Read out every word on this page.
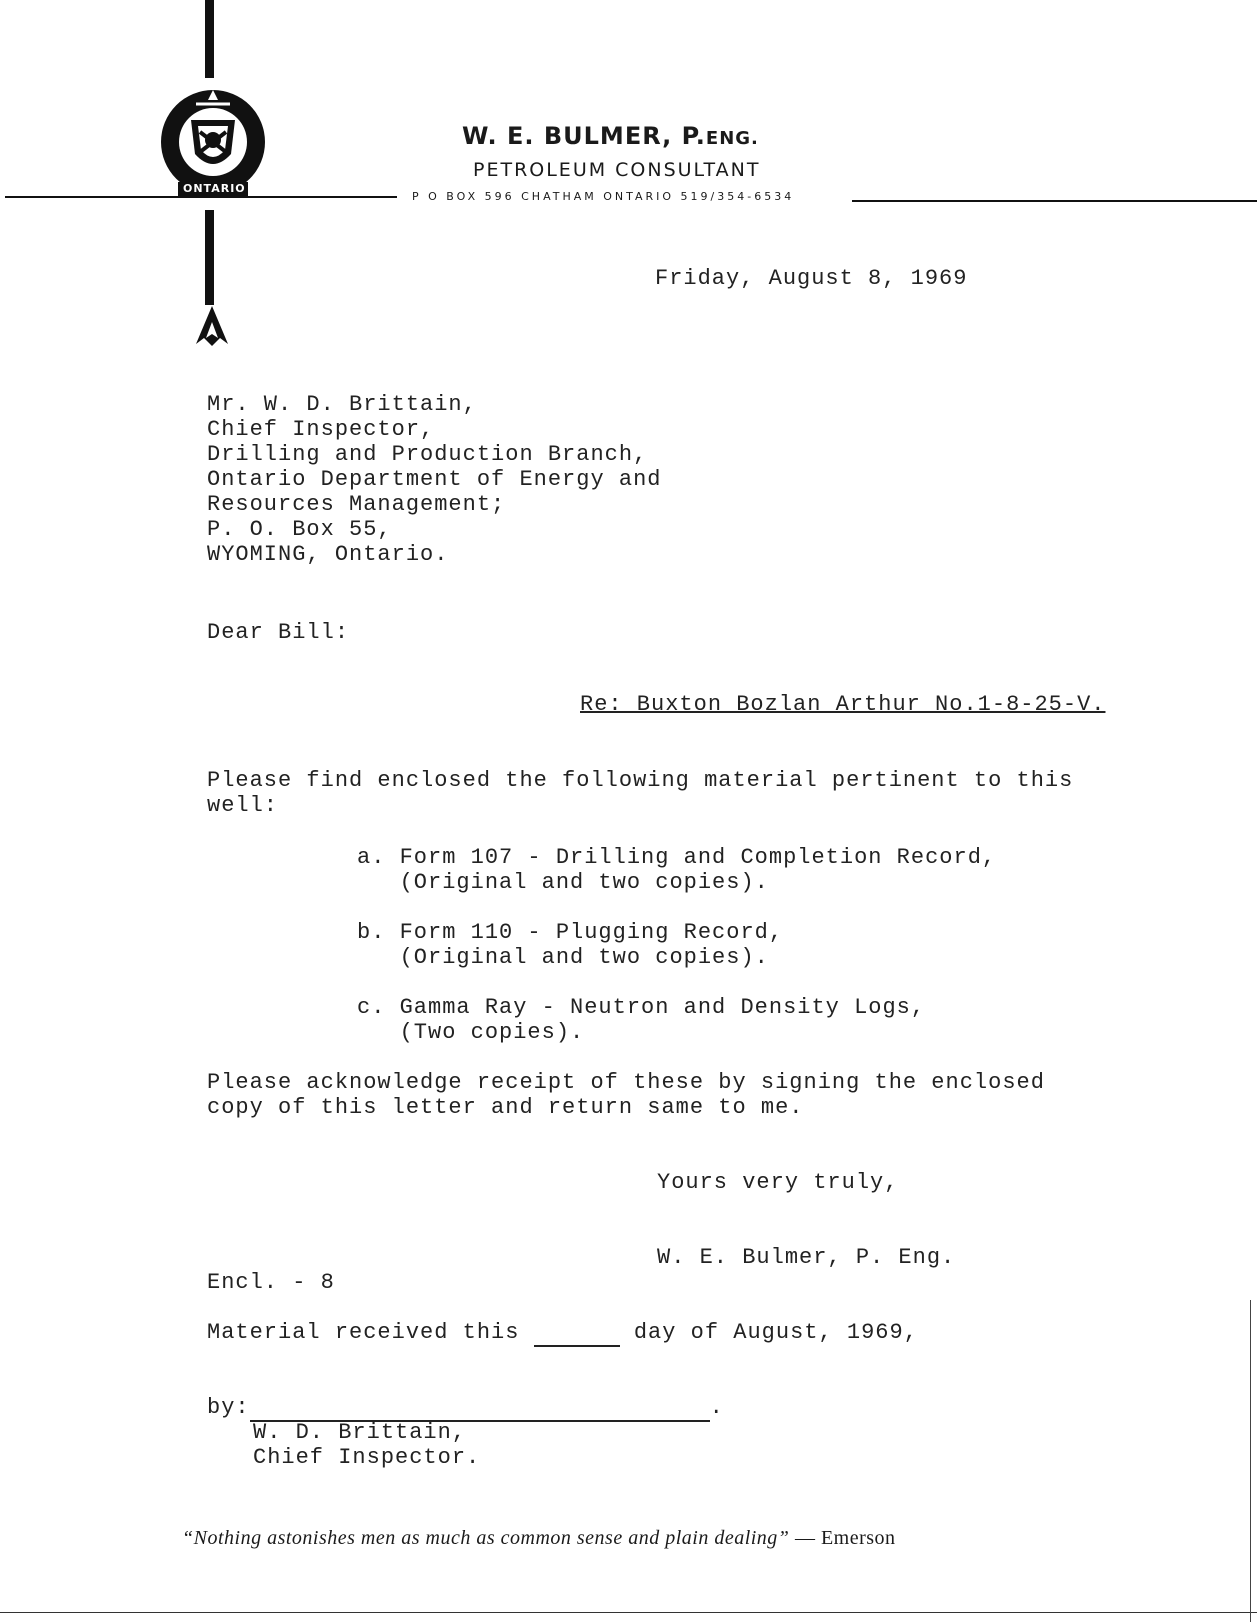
ONTARIO
W. E. BULMER, P.ENG.
PETROLEUM CONSULTANT
P O BOX 596 CHATHAM ONTARIO 519/354-6534
Friday, August 8, 1969
Mr. W. D. Brittain,
Chief Inspector,
Drilling and Production Branch,
Ontario Department of Energy and
Resources Management;
P. O. Box 55,
WYOMING, Ontario.
Dear Bill:
Re: Buxton Bozlan Arthur No.1-8-25-V.
Please find enclosed the following material pertinent to this
well:
a. Form 107 - Drilling and Completion Record,
(Original and two copies).
b. Form 110 - Plugging Record,
(Original and two copies).
c. Gamma Ray - Neutron and Density Logs,
(Two copies).
Please acknowledge receipt of these by signing the enclosed
copy of this letter and return same to me.
Yours very truly,
W. E. Bulmer, P. Eng.
Encl. - 8
Material received this	day of August, 1969,
by:	.
W. D. Brittain,
Chief Inspector.
“Nothing astonishes men as much as common sense and plain dealing” — Emerson
